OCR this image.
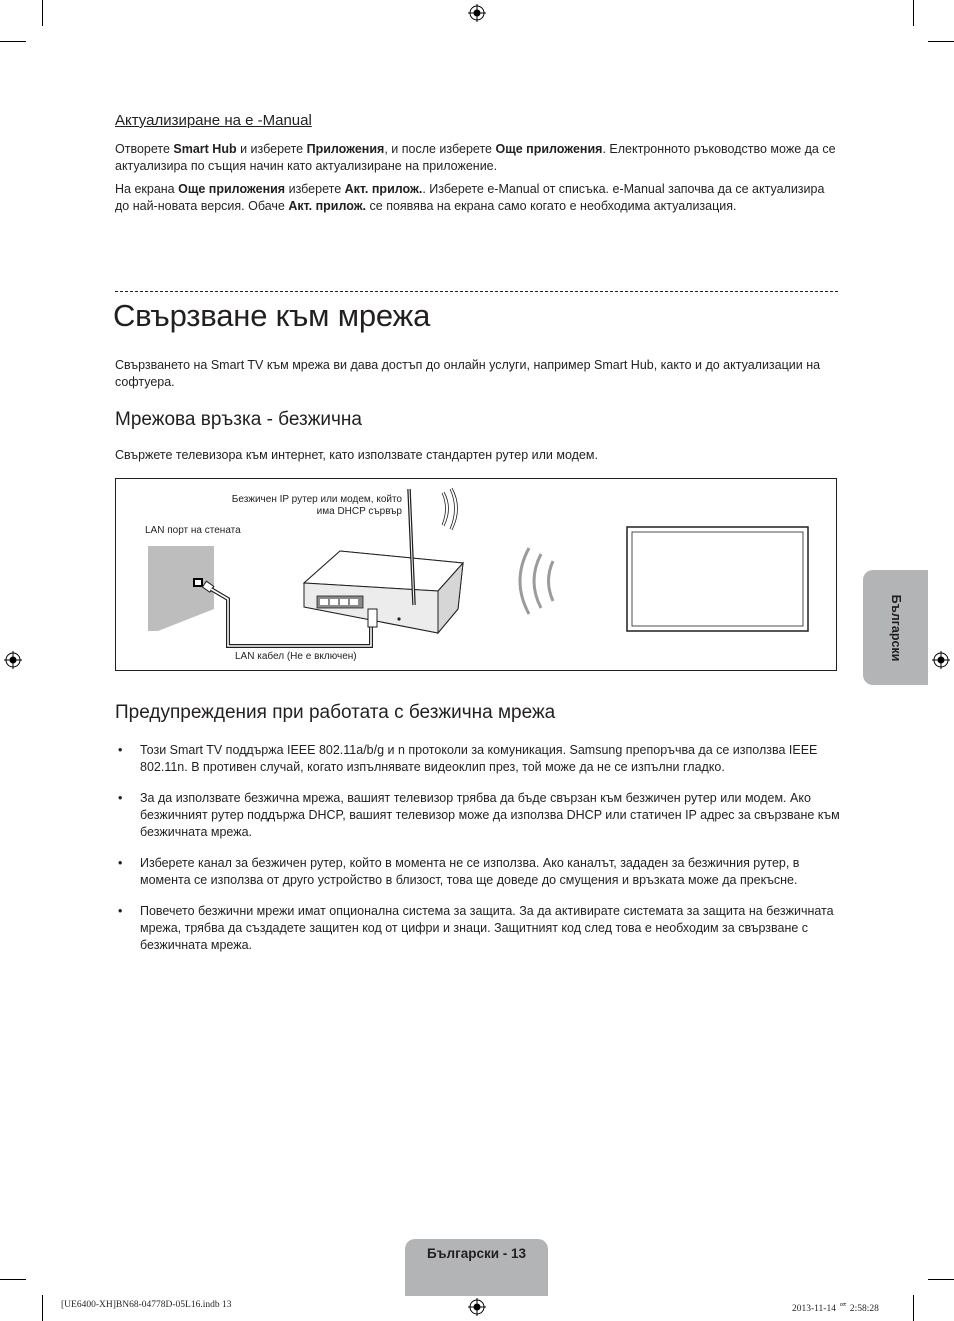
Актуализиране на e -Manual

Отворете Smart Hub и изберете Приложения, и после изберете Още приложения. Електронното ръководство може да се актуализира по същия начин като актуализиране на приложение.

На екрана Още приложения изберете Акт. прилож.. Изберете e-Manual от списъка. e-Manual започва да се актуализира до най-новата версия. Обаче Акт. прилож. се появява на екрана само когато е необходима актуализация.

Свързване към мрежа

Свързването на Smart TV към мрежа ви дава достъп до онлайн услуги, например Smart Hub, както и до актуализации на софтуера.

Мрежова връзка - безжична

Свържете телевизора към интернет, като използвате стандартен рутер или модем.

Безжичен IP рутер или модем, който
има DHCP сървър
LAN порт на стената
LAN кабел (Не е включен)
Предупреждения при работата с безжична мрежа
• Този Smart TV поддържа IEEE 802.11a/b/g и n протоколи за комуникация. Samsung препоръчва да се използва IEEE 802.11n. В противен случай, когато изпълнявате видеоклип през, той може да не се изпълни гладко.
• За да използвате безжична мрежа, вашият телевизор трябва да бъде свързан към безжичен рутер или модем. Ако безжичният рутер поддържа DHCP, вашият телевизор може да използва DHCP или статичен IP адрес за свързване към безжичната мрежа.
• Изберете канал за безжичен рутер, който в момента не се използва. Ако каналът, зададен за безжичния рутер, в момента се използва от друго устройство в близост, това ще доведе до смущения и връзката може да прекъсне.
• Повечето безжични мрежи имат опционална система за защита. За да активирате системата за защита на безжичната мрежа, трябва да създадете защитен код от цифри и знаци. Защитният код след това е необходим за свързване с безжичната мрежа.
Български
Български - 13
[UE6400-XH]BN68-04778D-05L16.indb 13	2013-11-14 ᄋᄒ 2:58:28
